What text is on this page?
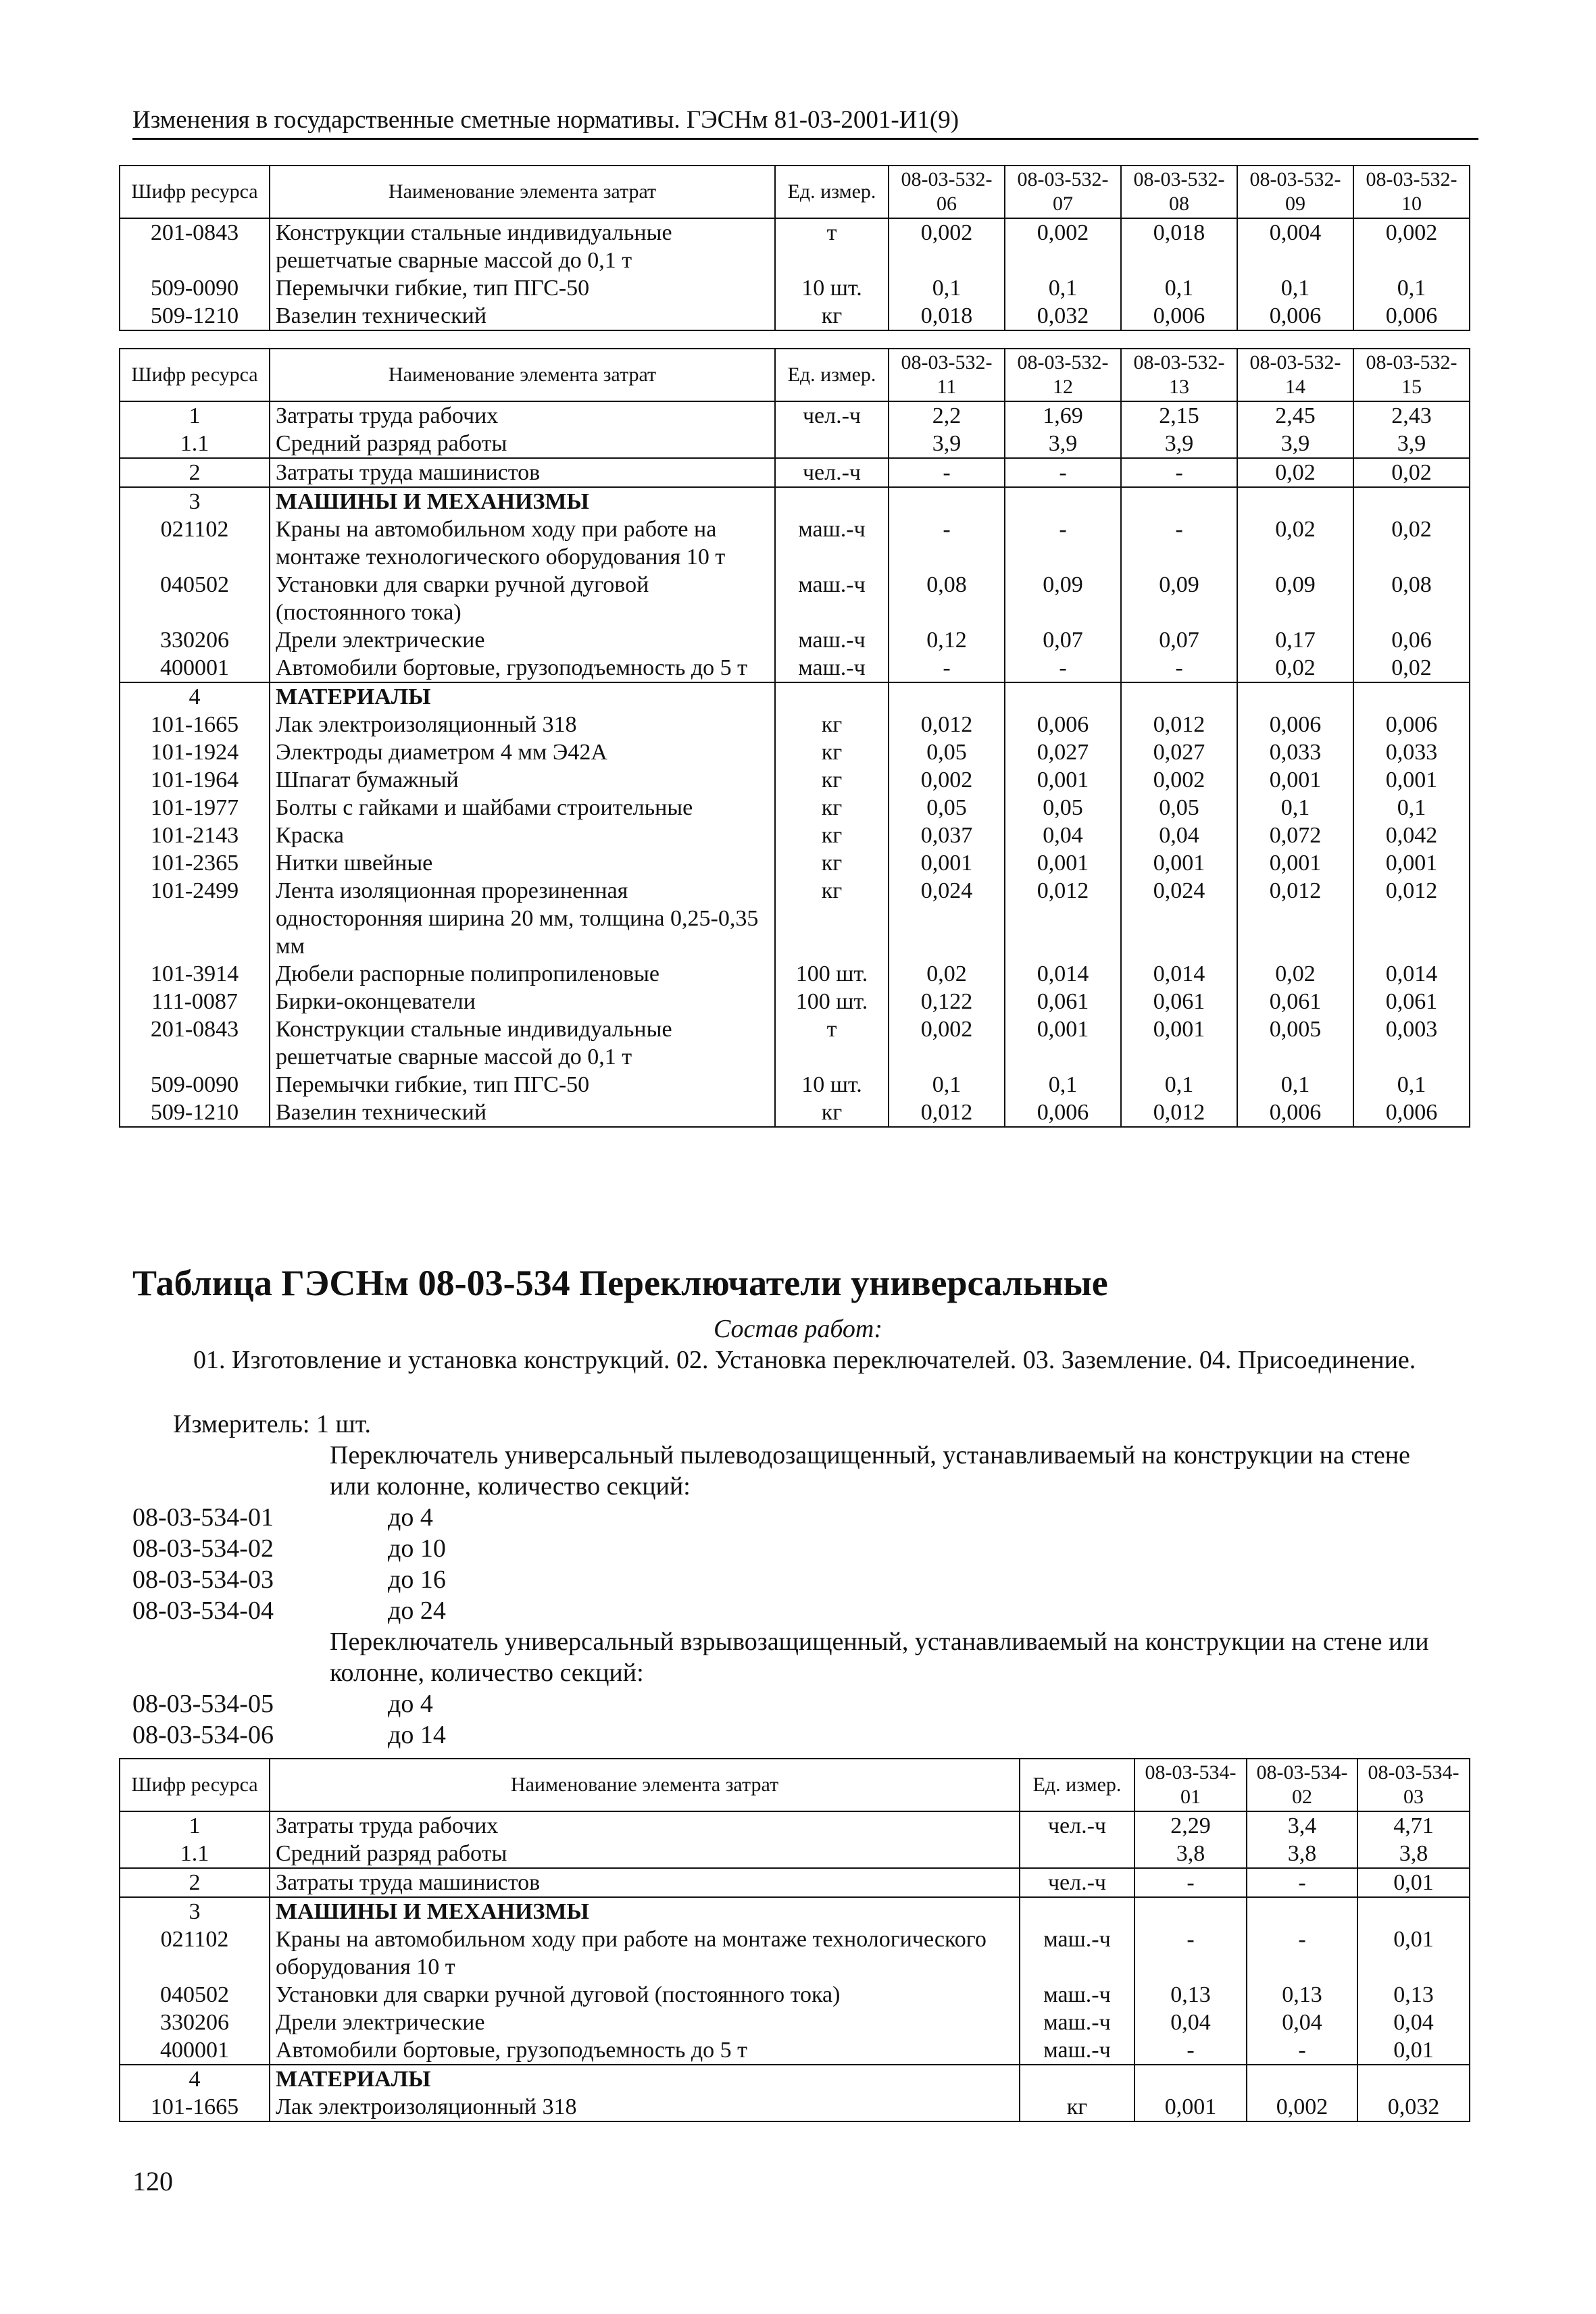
Изменения в государственные сметные нормативы. ГЭСНм 81-03-2001-И1(9)
Шифр ресурса	Наименование элемента затрат	Ед. измер.	08-03-532-06	08-03-532-07	08-03-532-08	08-03-532-09	08-03-532-10
201-0843	Конструкции стальные индивидуальные решетчатые сварные массой до 0,1 т	т	0,002	0,002	0,018	0,004	0,002
509-0090	Перемычки гибкие, тип ПГС-50	10 шт.	0,1	0,1	0,1	0,1	0,1
509-1210	Вазелин технический	кг	0,018	0,032	0,006	0,006	0,006
Шифр ресурса	Наименование элемента затрат	Ед. измер.	08-03-532-11	08-03-532-12	08-03-532-13	08-03-532-14	08-03-532-15
1	Затраты труда рабочих	чел.-ч	2,2	1,69	2,15	2,45	2,43
1.1	Средний разряд работы		3,9	3,9	3,9	3,9	3,9
2	Затраты труда машинистов	чел.-ч	-	-	-	0,02	0,02
3	МАШИНЫ И МЕХАНИЗМЫ						
021102	Краны на автомобильном ходу при работе на монтаже технологического оборудования 10 т	маш.-ч	-	-	-	0,02	0,02
040502	Установки для сварки ручной дуговой (постоянного тока)	маш.-ч	0,08	0,09	0,09	0,09	0,08
330206	Дрели электрические	маш.-ч	0,12	0,07	0,07	0,17	0,06
400001	Автомобили бортовые, грузоподъемность до 5 т	маш.-ч	-	-	-	0,02	0,02
4	МАТЕРИАЛЫ						
101-1665	Лак электроизоляционный 318	кг	0,012	0,006	0,012	0,006	0,006
101-1924	Электроды диаметром 4 мм Э42А	кг	0,05	0,027	0,027	0,033	0,033
101-1964	Шпагат бумажный	кг	0,002	0,001	0,002	0,001	0,001
101-1977	Болты с гайками и шайбами строительные	кг	0,05	0,05	0,05	0,1	0,1
101-2143	Краска	кг	0,037	0,04	0,04	0,072	0,042
101-2365	Нитки швейные	кг	0,001	0,001	0,001	0,001	0,001
101-2499	Лента изоляционная прорезиненная односторонняя ширина 20 мм, толщина 0,25-0,35 мм	кг	0,024	0,012	0,024	0,012	0,012
101-3914	Дюбели распорные полипропиленовые	100 шт.	0,02	0,014	0,014	0,02	0,014
111-0087	Бирки-оконцеватели	100 шт.	0,122	0,061	0,061	0,061	0,061
201-0843	Конструкции стальные индивидуальные решетчатые сварные массой до 0,1 т	т	0,002	0,001	0,001	0,005	0,003
509-0090	Перемычки гибкие, тип ПГС-50	10 шт.	0,1	0,1	0,1	0,1	0,1
509-1210	Вазелин технический	кг	0,012	0,006	0,012	0,006	0,006
Таблица ГЭСНм 08-03-534 Переключатели универсальные
Состав работ:
01. Изготовление и установка конструкций. 02. Установка переключателей. 03. Заземление. 04. Присоединение.
Измеритель: 1 шт.
Переключатель универсальный пылеводозащищенный, устанавливаемый на конструкции на стене или колонне, количество секций:
08-03-534-01	до 4
08-03-534-02	до 10
08-03-534-03	до 16
08-03-534-04	до 24
Переключатель универсальный взрывозащищенный, устанавливаемый на конструкции на стене или колонне, количество секций:
08-03-534-05	до 4
08-03-534-06	до 14
Шифр ресурса	Наименование элемента затрат	Ед. измер.	08-03-534-01	08-03-534-02	08-03-534-03
1	Затраты труда рабочих	чел.-ч	2,29	3,4	4,71
1.1	Средний разряд работы		3,8	3,8	3,8
2	Затраты труда машинистов	чел.-ч	-	-	0,01
3	МАШИНЫ И МЕХАНИЗМЫ				
021102	Краны на автомобильном ходу при работе на монтаже технологического оборудования 10 т	маш.-ч	-	-	0,01
040502	Установки для сварки ручной дуговой (постоянного тока)	маш.-ч	0,13	0,13	0,13
330206	Дрели электрические	маш.-ч	0,04	0,04	0,04
400001	Автомобили бортовые, грузоподъемность до 5 т	маш.-ч	-	-	0,01
4	МАТЕРИАЛЫ				
101-1665	Лак электроизоляционный 318	кг	0,001	0,002	0,032
120
